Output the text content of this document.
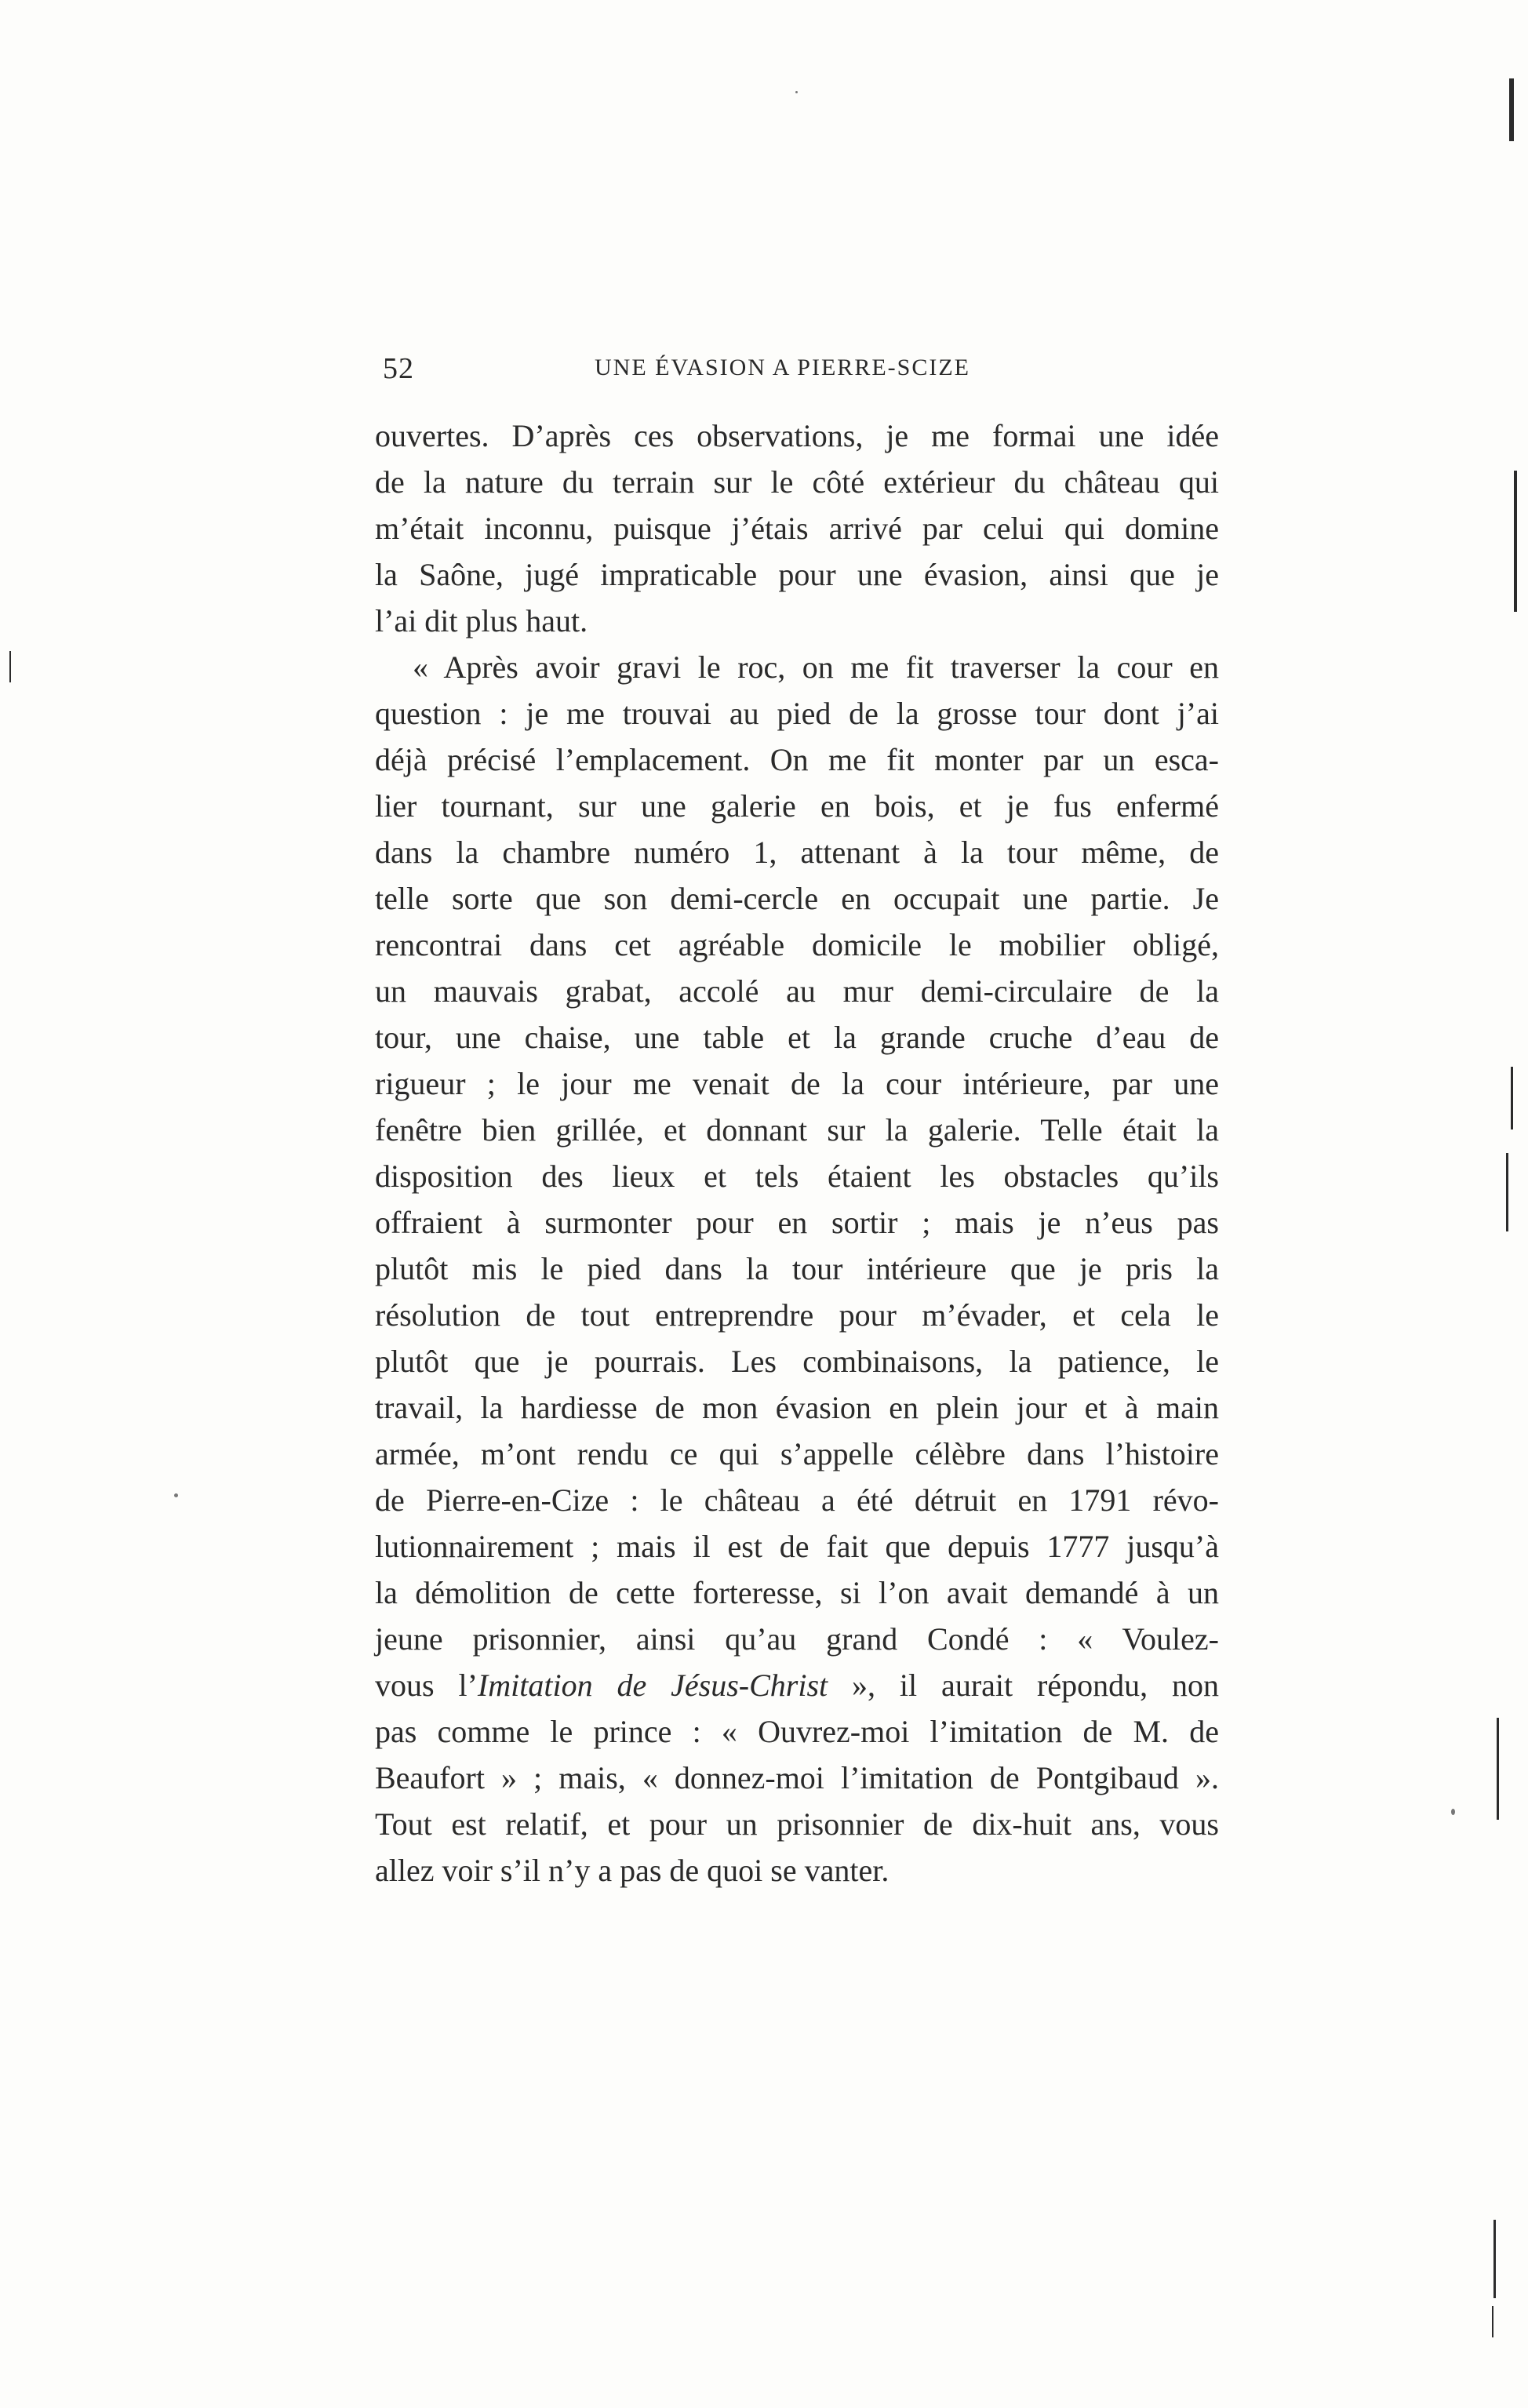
52	UNE ÉVASION A PIERRE-SCIZE
ouvertes. D’après ces observations, je me formai une idée
de la nature du terrain sur le côté extérieur du château qui
m’était inconnu, puisque j’étais arrivé par celui qui domine
la Saône, jugé impraticable pour une évasion, ainsi que je
l’ai dit plus haut.
« Après avoir gravi le roc, on me fit traverser la cour en
question : je me trouvai au pied de la grosse tour dont j’ai
déjà précisé l’emplacement. On me fit monter par un esca-
lier tournant, sur une galerie en bois, et je fus enfermé
dans la chambre numéro 1, attenant à la tour même, de
telle sorte que son demi-cercle en occupait une partie. Je
rencontrai dans cet agréable domicile le mobilier obligé,
un mauvais grabat, accolé au mur demi-circulaire de la
tour, une chaise, une table et la grande cruche d’eau de
rigueur ; le jour me venait de la cour intérieure, par une
fenêtre bien grillée, et donnant sur la galerie. Telle était la
disposition des lieux et tels étaient les obstacles qu’ils
offraient à surmonter pour en sortir ; mais je n’eus pas
plutôt mis le pied dans la tour intérieure que je pris la
résolution de tout entreprendre pour m’évader, et cela le
plutôt que je pourrais. Les combinaisons, la patience, le
travail, la hardiesse de mon évasion en plein jour et à main
armée, m’ont rendu ce qui s’appelle célèbre dans l’histoire
de Pierre-en-Cize : le château a été détruit en 1791 révo-
lutionnairement ; mais il est de fait que depuis 1777 jusqu’à
la démolition de cette forteresse, si l’on avait demandé à un
jeune prisonnier, ainsi qu’au grand Condé : « Voulez-
vous l’Imitation de Jésus-Christ », il aurait répondu, non
pas comme le prince : « Ouvrez-moi l’imitation de M. de
Beaufort » ; mais, « donnez-moi l’imitation de Pontgibaud ».
Tout est relatif, et pour un prisonnier de dix-huit ans, vous
allez voir s’il n’y a pas de quoi se vanter.
